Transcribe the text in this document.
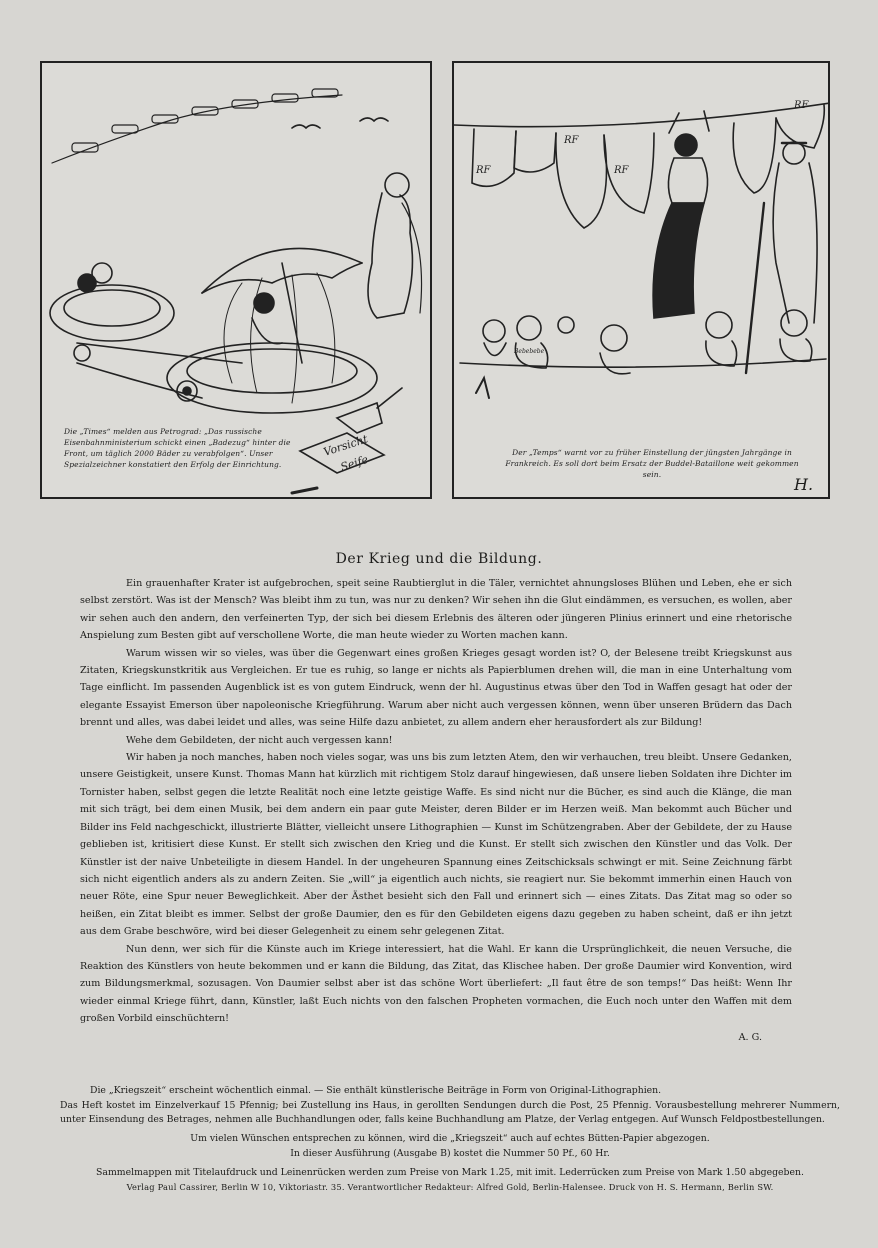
Vorsicht
Seife
Die „Times“ melden aus Petrograd: „Das russische Eisenbahnministerium schickt einen „Badezug“ hinter die Front, um täglich 2000 Bäder zu verabfolgen“. Unser Spezialzeichner konstatiert den Erfolg der Einrichtung.
RF
RF
RF
RF
Bebebebe
Der „Temps“ warnt vor zu früher Einstellung der jüngsten Jahrgänge in Frankreich. Es soll dort beim Ersatz der Buddel-Bataillone weit gekommen sein.
H.
Der Krieg und die Bildung.

Ein grauenhafter Krater ist aufgebrochen, speit seine Raubtierglut in die Täler, vernichtet ahnungsloses Blühen und Leben, ehe er sich selbst zerstört. Was ist der Mensch? Was bleibt ihm zu tun, was nur zu denken? Wir sehen ihn die Glut eindämmen, es versuchen, es wollen, aber wir sehen auch den andern, den verfeinerten Typ, der sich bei diesem Erlebnis des älteren oder jüngeren Plinius erinnert und eine rhetorische Anspielung zum Besten gibt auf verschollene Worte, die man heute wieder zu Worten machen kann.

Warum wissen wir so vieles, was über die Gegenwart eines großen Krieges gesagt worden ist? O, der Belesene treibt Kriegskunst aus Zitaten, Kriegskunstkritik aus Vergleichen. Er tue es ruhig, so lange er nichts als Papierblumen drehen will, die man in eine Unterhaltung vom Tage einflicht. Im passenden Augenblick ist es von gutem Eindruck, wenn der hl. Augustinus etwas über den Tod in Waffen gesagt hat oder der elegante Essayist Emerson über napoleonische Kriegführung. Warum aber nicht auch vergessen können, wenn über unseren Brüdern das Dach brennt und alles, was dabei leidet und alles, was seine Hilfe dazu anbietet, zu allem andern eher herausfordert als zur Bildung!

Wehe dem Gebildeten, der nicht auch vergessen kann!

Wir haben ja noch manches, haben noch vieles sogar, was uns bis zum letzten Atem, den wir verhauchen, treu bleibt. Unsere Gedanken, unsere Geistigkeit, unsere Kunst. Thomas Mann hat kürzlich mit richtigem Stolz darauf hingewiesen, daß unsere lieben Soldaten ihre Dichter im Tornister haben, selbst gegen die letzte Realität noch eine letzte geistige Waffe. Es sind nicht nur die Bücher, es sind auch die Klänge, die man mit sich trägt, bei dem einen Musik, bei dem andern ein paar gute Meister, deren Bilder er im Herzen weiß. Man bekommt auch Bücher und Bilder ins Feld nachgeschickt, illustrierte Blätter, vielleicht unsere Lithographien — Kunst im Schützengraben. Aber der Gebildete, der zu Hause geblieben ist, kritisiert diese Kunst. Er stellt sich zwischen den Krieg und die Kunst. Er stellt sich zwischen den Künstler und das Volk. Der Künstler ist der naive Unbeteiligte in diesem Handel. In der ungeheuren Spannung eines Zeitschicksals schwingt er mit. Seine Zeichnung färbt sich nicht eigentlich anders als zu andern Zeiten. Sie „will“ ja eigentlich auch nichts, sie reagiert nur. Sie bekommt immerhin einen Hauch von neuer Röte, eine Spur neuer Beweglichkeit. Aber der Ästhet besieht sich den Fall und erinnert sich — eines Zitats. Das Zitat mag so oder so heißen, ein Zitat bleibt es immer. Selbst der große Daumier, den es für den Gebildeten eigens dazu gegeben zu haben scheint, daß er ihn jetzt aus dem Grabe beschwöre, wird bei dieser Gelegenheit zu einem sehr gelegenen Zitat.

Nun denn, wer sich für die Künste auch im Kriege interessiert, hat die Wahl. Er kann die Ursprünglichkeit, die neuen Versuche, die Reaktion des Künstlers von heute bekommen und er kann die Bildung, das Zitat, das Klischee haben. Der große Daumier wird Konvention, wird zum Bildungsmerkmal, sozusagen. Von Daumier selbst aber ist das schöne Wort überliefert: „Il faut être de son temps!“ Das heißt: Wenn Ihr wieder einmal Kriege führt, dann, Künstler, laßt Euch nichts von den falschen Propheten vormachen, die Euch noch unter den Waffen mit dem großen Vorbild einschüchtern!

A. G.

Die „Kriegszeit“ erscheint wöchentlich einmal. — Sie enthält künstlerische Beiträge in Form von Original-Lithographien.

Das Heft kostet im Einzelverkauf 15 Pfennig; bei Zustellung ins Haus, in gerollten Sendungen durch die Post, 25 Pfennig. Vorausbestellung mehrerer Nummern, unter Einsendung des Betrages, nehmen alle Buchhandlungen oder, falls keine Buchhandlung am Platze, der Verlag entgegen. Auf Wunsch Feldpostbestellungen.

Um vielen Wünschen entsprechen zu können, wird die „Kriegszeit“ auch auf echtes Bütten-Papier abgezogen.

In dieser Ausführung (Ausgabe B) kostet die Nummer 50 Pf., 60 Hr.

Sammelmappen mit Titelaufdruck und Leinenrücken werden zum Preise von Mark 1.25, mit imit. Lederrücken zum Preise von Mark 1.50 abgegeben.

Verlag Paul Cassirer, Berlin W 10, Viktoriastr. 35. Verantwortlicher Redakteur: Alfred Gold, Berlin-Halensee. Druck von H. S. Hermann, Berlin SW.
